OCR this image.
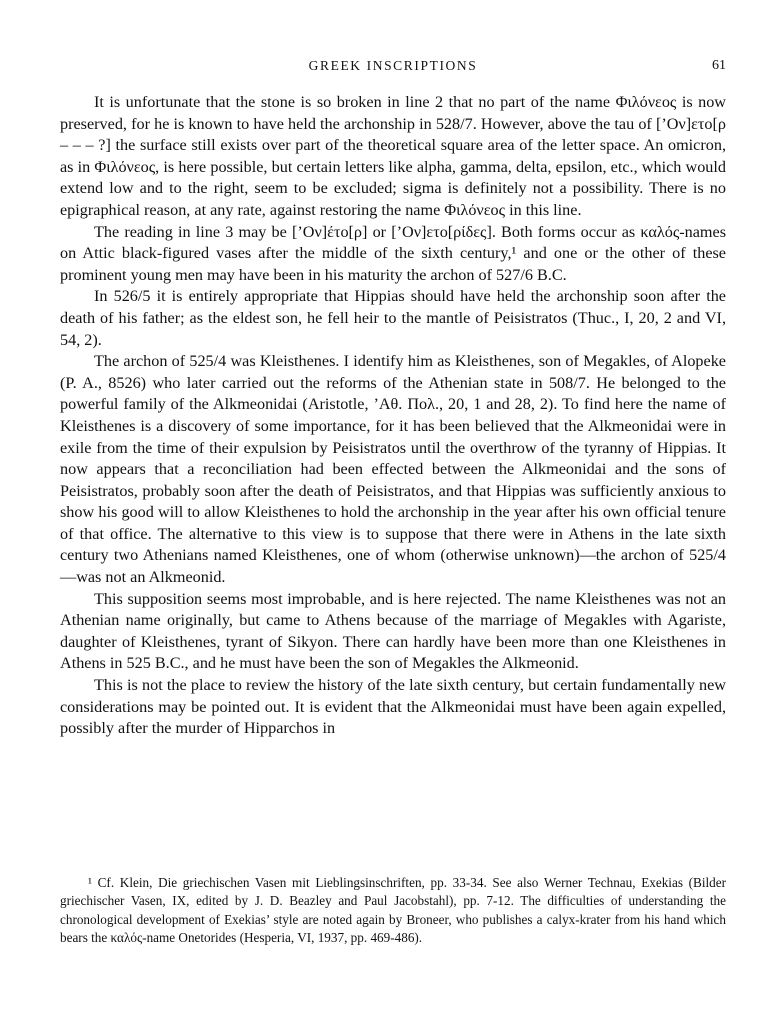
GREEK INSCRIPTIONS	61

It is unfortunate that the stone is so broken in line 2 that no part of the name Φιλόνεος is now preserved, for he is known to have held the archonship in 528/7. However, above the tau of [’Ον]ετο[ρ – – – ?] the surface still exists over part of the theoretical square area of the letter space. An omicron, as in Φιλόνεος, is here possible, but certain letters like alpha, gamma, delta, epsilon, etc., which would extend low and to the right, seem to be excluded; sigma is definitely not a possibility. There is no epigraphical reason, at any rate, against restoring the name Φιλόνεος in this line.

The reading in line 3 may be [’Ον]έτο[ρ] or [’Ον]ετο[ρίδες]. Both forms occur as καλός-names on Attic black-figured vases after the middle of the sixth century,¹ and one or the other of these prominent young men may have been in his maturity the archon of 527/6 B.C.

In 526/5 it is entirely appropriate that Hippias should have held the archonship soon after the death of his father; as the eldest son, he fell heir to the mantle of Peisistratos (Thuc., I, 20, 2 and VI, 54, 2).

The archon of 525/4 was Kleisthenes. I identify him as Kleisthenes, son of Megakles, of Alopeke (P. A., 8526) who later carried out the reforms of the Athenian state in 508/7. He belonged to the powerful family of the Alkmeonidai (Aristotle, ’Αθ. Πολ., 20, 1 and 28, 2). To find here the name of Kleisthenes is a discovery of some importance, for it has been believed that the Alkmeonidai were in exile from the time of their expulsion by Peisistratos until the overthrow of the tyranny of Hippias. It now appears that a reconciliation had been effected between the Alkmeonidai and the sons of Peisistratos, probably soon after the death of Peisistratos, and that Hippias was sufficiently anxious to show his good will to allow Kleisthenes to hold the archonship in the year after his own official tenure of that office. The alternative to this view is to suppose that there were in Athens in the late sixth century two Athenians named Kleisthenes, one of whom (otherwise unknown)—the archon of 525/4—was not an Alkmeonid.

This supposition seems most improbable, and is here rejected. The name Kleisthenes was not an Athenian name originally, but came to Athens because of the marriage of Megakles with Agariste, daughter of Kleisthenes, tyrant of Sikyon. There can hardly have been more than one Kleisthenes in Athens in 525 B.C., and he must have been the son of Megakles the Alkmeonid.

This is not the place to review the history of the late sixth century, but certain fundamentally new considerations may be pointed out. It is evident that the Alkmeonidai must have been again expelled, possibly after the murder of Hipparchos in

¹ Cf. Klein, Die griechischen Vasen mit Lieblingsinschriften, pp. 33-34. See also Werner Technau, Exekias (Bilder griechischer Vasen, IX, edited by J. D. Beazley and Paul Jacobstahl), pp. 7-12. The difficulties of understanding the chronological development of Exekias’ style are noted again by Broneer, who publishes a calyx-krater from his hand which bears the καλός-name Onetorides (Hesperia, VI, 1937, pp. 469-486).
